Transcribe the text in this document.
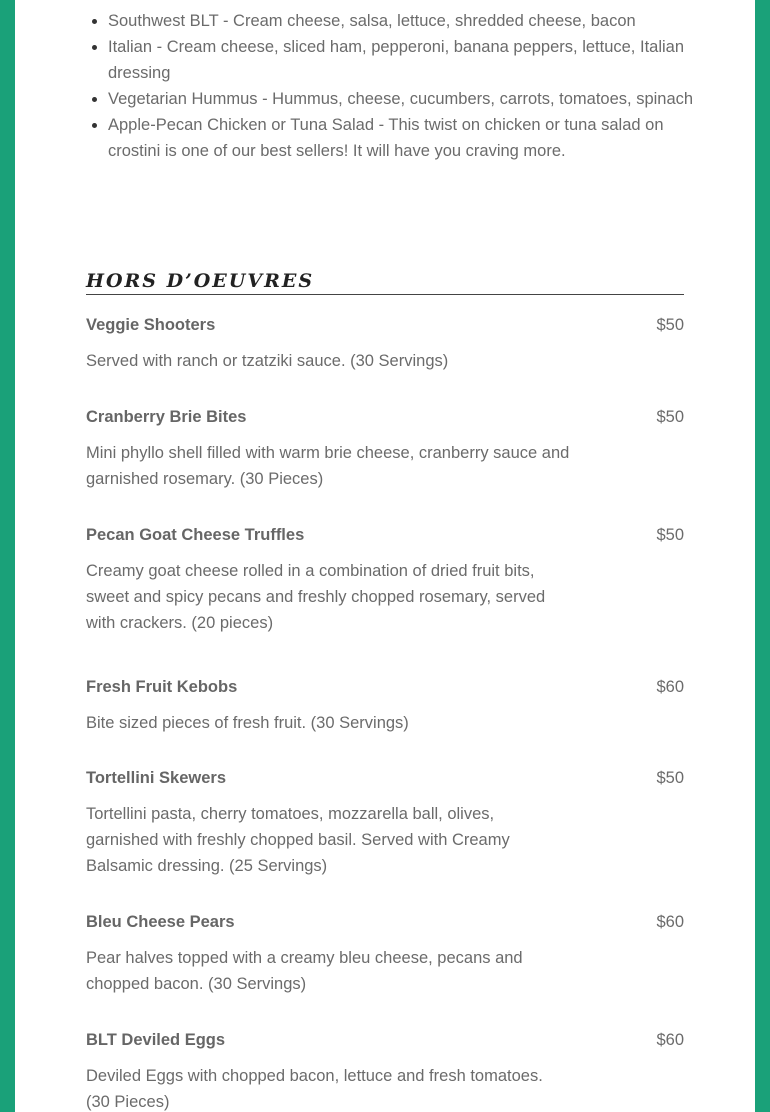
• Southwest BLT - Cream cheese, salsa, lettuce, shredded cheese, bacon
• Italian - Cream cheese, sliced ham, pepperoni, banana peppers, lettuce, Italian dressing
• Vegetarian Hummus - Hummus, cheese, cucumbers, carrots, tomatoes, spinach
• Apple-Pecan Chicken or Tuna Salad - This twist on chicken or tuna salad on crostini is one of our best sellers! It will have you craving more.
HORS D’OEUVRES
Veggie Shooters	$50

Served with ranch or tzatziki sauce. (30 Servings)

Cranberry Brie Bites	$50

Mini phyllo shell filled with warm brie cheese, cranberry sauce and garnished rosemary. (30 Pieces)

Pecan Goat Cheese Truffles	$50

Creamy goat cheese rolled in a combination of dried fruit bits, sweet and spicy pecans and freshly chopped rosemary, served with crackers. (20 pieces)

Fresh Fruit Kebobs	$60

Bite sized pieces of fresh fruit. (30 Servings)

Tortellini Skewers	$50

Tortellini pasta, cherry tomatoes, mozzarella ball, olives, garnished with freshly chopped basil. Served with Creamy Balsamic dressing. (25 Servings)

Bleu Cheese Pears	$60

Pear halves topped with a creamy bleu cheese, pecans and chopped bacon. (30 Servings)

BLT Deviled Eggs	$60

Deviled Eggs with chopped bacon, lettuce and fresh tomatoes. (30 Pieces)
